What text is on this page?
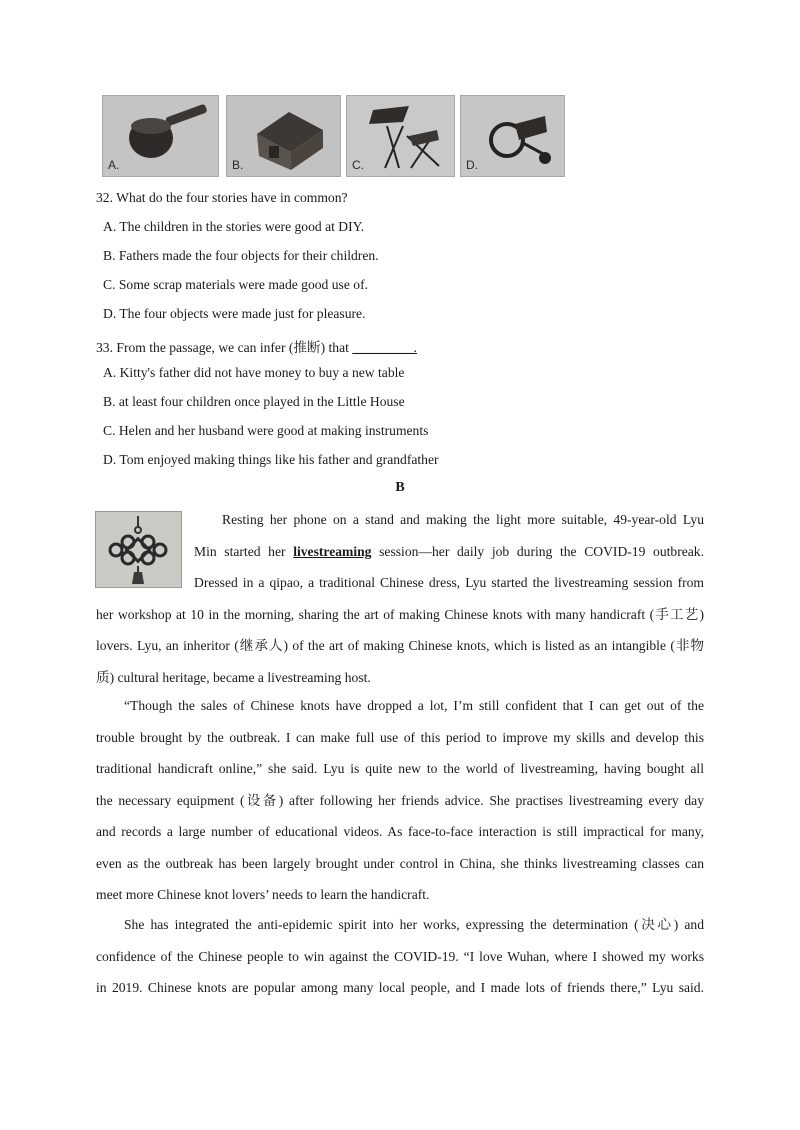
A.	B.	C.	D.
32. What do the four stories have in common?
A. The children in the stories were good at DIY.
B. Fathers made the four objects for their children.
C. Some scrap materials were made good use of.
D. The four objects were made just for pleasure.
33. From the passage, we can infer (推断) that _________.
A. Kitty's father did not have money to buy a new table
B. at least four children once played in the Little House
C. Helen and her husband were good at making instruments
D. Tom enjoyed making things like his father and grandfather
B
Resting her phone on a stand and making the light more suitable, 49-year-old Lyu
Min started her livestreaming session—her daily job during the COVID-19 outbreak.
Dressed in a qipao, a traditional Chinese dress, Lyu started the livestreaming session from
her workshop at 10 in the morning, sharing the art of making Chinese knots with many handicraft (手工艺)
lovers. Lyu, an inheritor (继承人) of the art of making Chinese knots, which is listed as an intangible (非物
质) cultural heritage, became a livestreaming host.
“Though the sales of Chinese knots have dropped a lot, I’m still confident that I can get out of the
trouble brought by the outbreak. I can make full use of this period to improve my skills and develop this
traditional handicraft online,” she said. Lyu is quite new to the world of livestreaming, having bought all
the necessary equipment (设备) after following her friends advice. She practises livestreaming every day
and records a large number of educational videos. As face-to-face interaction is still impractical for many,
even as the outbreak has been largely brought under control in China, she thinks livestreaming classes can
meet more Chinese knot lovers’ needs to learn the handicraft.
She has integrated the anti-epidemic spirit into her works, expressing the determination (决心) and
confidence of the Chinese people to win against the COVID-19. “I love Wuhan, where I showed my works
in 2019. Chinese knots are popular among many local people, and I made lots of friends there,” Lyu said.
